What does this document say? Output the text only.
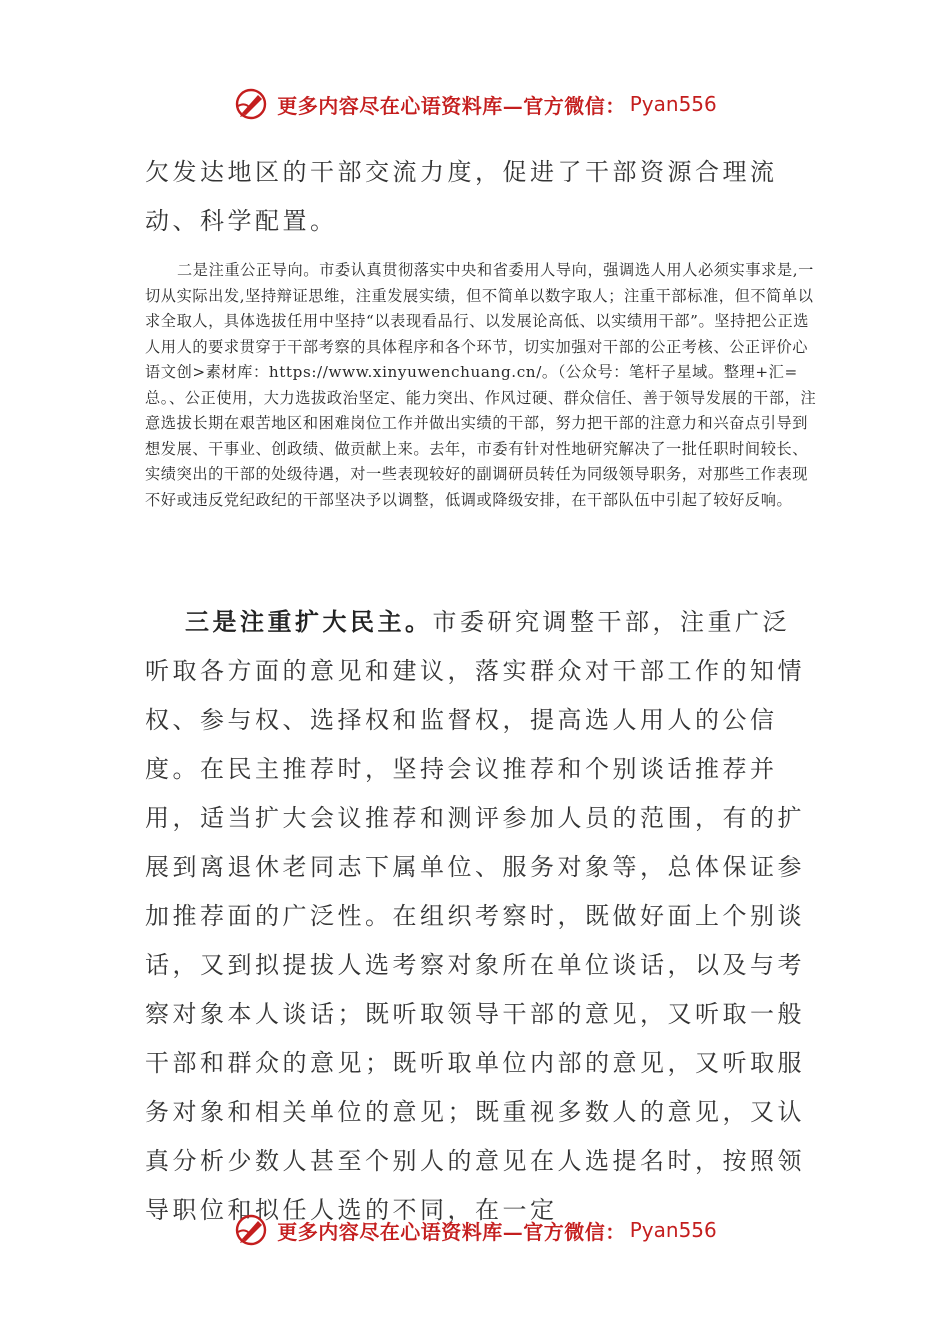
更多内容尽在心语资料库—官方微信： Pyan556
欠发达地区的干部交流力度，促进了干部资源合理流动、科学配置。
二是注重公正导向。市委认真贯彻落实中央和省委用人导向，强调选人用人必须实事求是,一切从实际出发,坚持辩证思维，注重发展实绩，但不简单以数字取人；注重干部标准，但不简单以求全取人，具体选拔任用中坚持“以表现看品行、以发展论高低、以实绩用干部”。坚持把公正选人用人的要求贯穿于干部考察的具体程序和各个环节，切实加强对干部的公正考核、公正评价心语文创>素材库：https://www.xinyuwenchuang.cn/。（公众号：笔杆子星域。整理+汇=总。、公正使用，大力选拔政治坚定、能力突出、作风过硬、群众信任、善于领导发展的干部，注意选拔长期在艰苦地区和困难岗位工作并做出实绩的干部，努力把干部的注意力和兴奋点引导到想发展、干事业、创政绩、做贡献上来。去年，市委有针对性地研究解决了一批任职时间较长、实绩突出的干部的处级待遇，对一些表现较好的副调研员转任为同级领导职务，对那些工作表现不好或违反党纪政纪的干部坚决予以调整，低调或降级安排，在干部队伍中引起了较好反响。
三是注重扩大民主。市委研究调整干部，注重广泛听取各方面的意见和建议，落实群众对干部工作的知情权、参与权、选择权和监督权，提高选人用人的公信度。在民主推荐时，坚持会议推荐和个别谈话推荐并用，适当扩大会议推荐和测评参加人员的范围，有的扩展到离退休老同志下属单位、服务对象等，总体保证参加推荐面的广泛性。在组织考察时，既做好面上个别谈话，又到拟提拔人选考察对象所在单位谈话，以及与考察对象本人谈话；既听取领导干部的意见，又听取一般干部和群众的意见；既听取单位内部的意见，又听取服务对象和相关单位的意见；既重视多数人的意见，又认真分析少数人甚至个别人的意见在人选提名时，按照领导职位和拟任人选的不同，在一定
更多内容尽在心语资料库—官方微信： Pyan556
